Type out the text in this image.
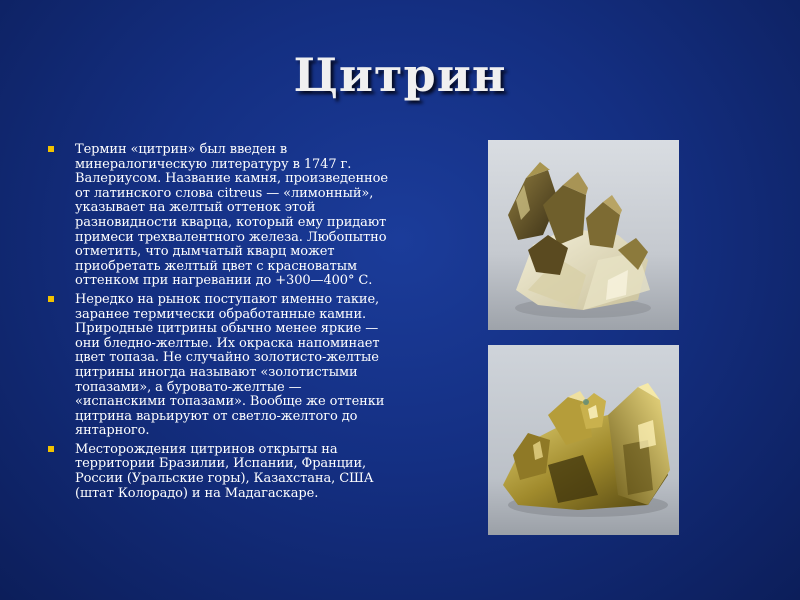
Цитрин
Термин «цитрин» был введен в минералогическую литературу в 1747 г. Валериусом. Название камня, произведенное от латинского слова citreus — «лимонный», указывает на желтый оттенок этой разновидности кварца, который ему придают примеси трехвалентного железа. Любопытно отметить, что дымчатый кварц может приобретать желтый цвет с красноватым оттенком при нагревании до +300—400° С.
Нередко на рынок поступают именно такие, заранее термически обработанные камни. Природные цитрины обычно менее яркие — они бледно-желтые. Их окраска напоминает цвет топаза. Не случайно золотисто-желтые цитрины иногда называют «золотистыми топазами», а буровато-желтые — «испанскими топазами». Вообще же оттенки цитрина варьируют от светло-желтого до янтарного.
Месторождения цитринов открыты на территории Бразилии, Испании, Франции, России (Уральские горы), Казахстана, США (штат Колорадо) и на Мадагаскаре.
